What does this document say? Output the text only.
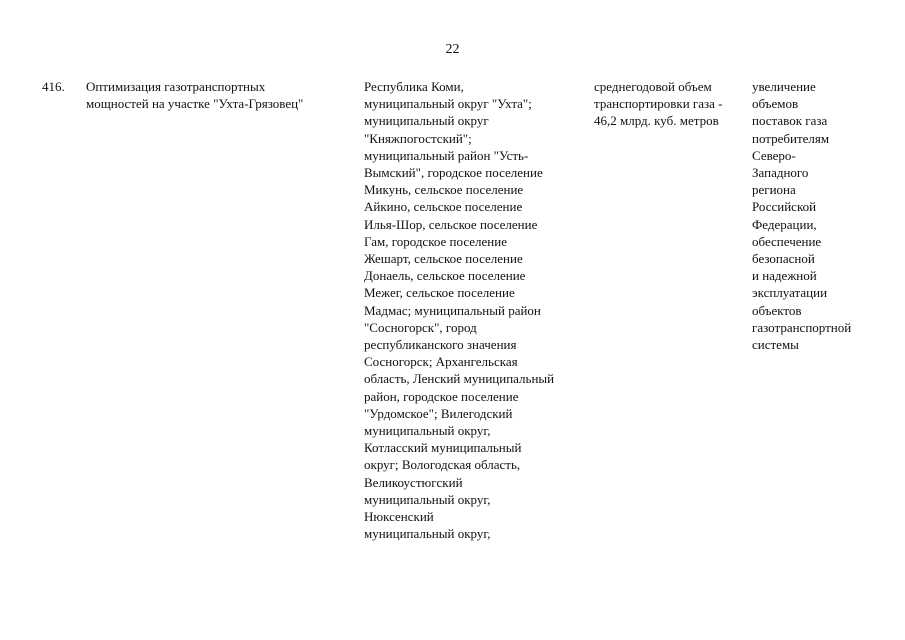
22
416. Оптимизация газотранспортных
мощностей на участке "Ухта-Грязовец"
Республика Коми,
муниципальный округ "Ухта";
муниципальный округ
"Княжпогостский";
муниципальный район "Усть-
Вымский", городское поселение
Микунь, сельское поселение
Айкино, сельское поселение
Илья-Шор, сельское поселение
Гам, городское поселение
Жешарт, сельское поселение
Донаель, сельское поселение
Межег, сельское поселение
Мадмас; муниципальный район
"Сосногорск", город
республиканского значения
Сосногорск; Архангельская
область, Ленский муниципальный
район, городское поселение
"Урдомское"; Вилегодский
муниципальный округ,
Котласский муниципальный
округ; Вологодская область,
Великоустюгский
муниципальный округ,
Нюксенский
муниципальный округ,
среднегодовой объем
транспортировки газа -
46,2 млрд. куб. метров
увеличение
объемов
поставок газа
потребителям
Северо-
Западного
региона
Российской
Федерации,
обеспечение
безопасной
и надежной
эксплуатации
объектов
газотранспортной
системы
